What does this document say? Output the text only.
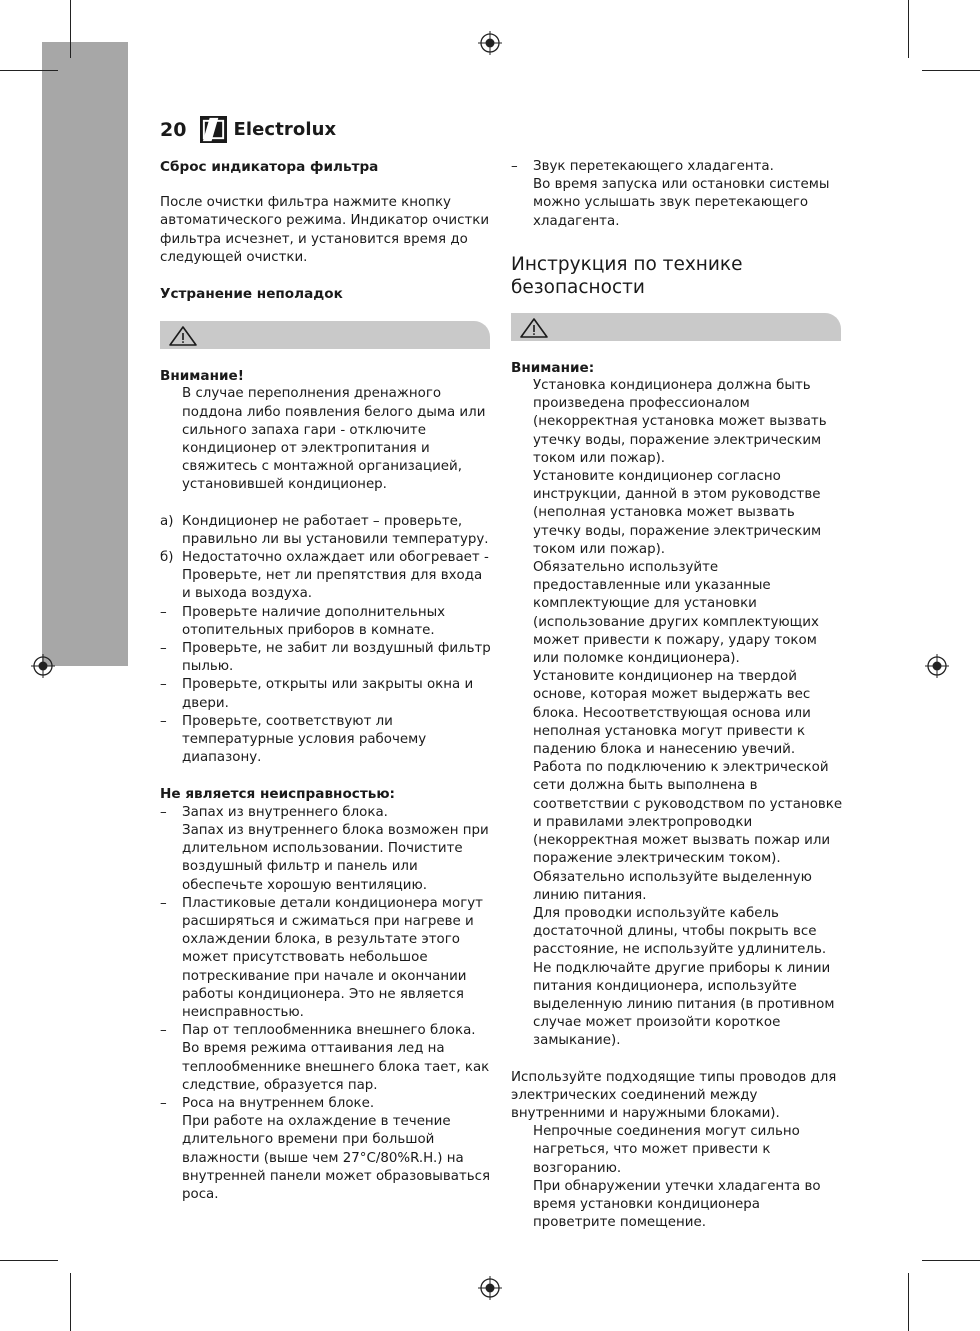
20	Electrolux
Сброс индикатора фильтра

После очистки фильтра нажмите кнопку автоматического режима. Индикатор очистки фильтра исчезнет, и установится время до следующей очистки.

Устранение неполадок

Внимание!

В случае переполнения дренажного поддона либо появления белого дыма или сильного запаха гари - отключите кондиционер от электропитания и свяжитесь с монтажной организацией, установившей кондиционер.

а) Кондиционер не работает – проверьте, правильно ли вы установили температуру.
б) Недостаточно охлаждает или обогревает - Проверьте, нет ли препятствия для входа и выхода воздуха.
–	Проверьте наличие дополнительных отопительных приборов в комнате.
–	Проверьте, не забит ли воздушный фильтр пылью.
–	Проверьте, открыты или закрыты окна и двери.
–	Проверьте, соответствуют ли температурные условия рабочему диапазону.
Не является неисправностью:
–	Запах из внутреннего блока.

Запах из внутреннего блока возможен при длительном использовании. Почистите воздушный фильтр и панель или обеспечьте хорошую вентиляцию.

–	Пластиковые детали кондиционера могут расширяться и сжиматься при нагреве и охлаждении блока, в результате этого может присутствовать небольшое потрескивание при начале и окончании работы кондиционера. Это не является неисправностью.

–	Пар от теплообменника внешнего блока.

Во время режима оттаивания лед на теплообменнике внешнего блока тает, как следствие, образуется пар.

–	Роса на внутреннем блоке.

При работе на охлаждение в течение длительного времени при большой влажности (выше чем 27°C/80%R.H.) на внутренней панели может образовываться роса.

–	Звук перетекающего хладагента.

Во время запуска или остановки системы можно услышать звук перетекающего хладагента.

Инструкция по технике безопасности

Внимание:

Установка кондиционера должна быть произведена профессионалом (некорректная установка может вызвать утечку воды, поражение электрическим током или пожар).

Установите кондиционер согласно инструкции, данной в этом руководстве (неполная установка может вызвать утечку воды, поражение электрическим током или пожар).

Обязательно используйте предоставленные или указанные комплектующие для установки (использование других комплектующих может привести к пожару, удару током или поломке кондиционера).

Установите кондиционер на твердой основе, которая может выдержать вес блока. Несоответствующая основа или неполная установка могут привести к падению блока и нанесению увечий.

Работа по подключению к электрической сети должна быть выполнена в соответствии с руководством по установке и правилами электропроводки (некорректная может вызвать пожар или поражение электрическим током).

Обязательно используйте выделенную линию питания.

Для проводки используйте кабель достаточной длины, чтобы покрыть все расстояние, не используйте удлинитель.

Не подключайте другие приборы к линии питания кондиционера, используйте выделенную линию питания (в противном случае может произойти короткое замыкание).

Используйте подходящие типы проводов для электрических соединений между внутренними и наружными блоками).

Непрочные соединения могут сильно нагреться, что может привести к возгоранию.

При обнаружении утечки хладагента во время установки кондиционера проветрите помещение.
